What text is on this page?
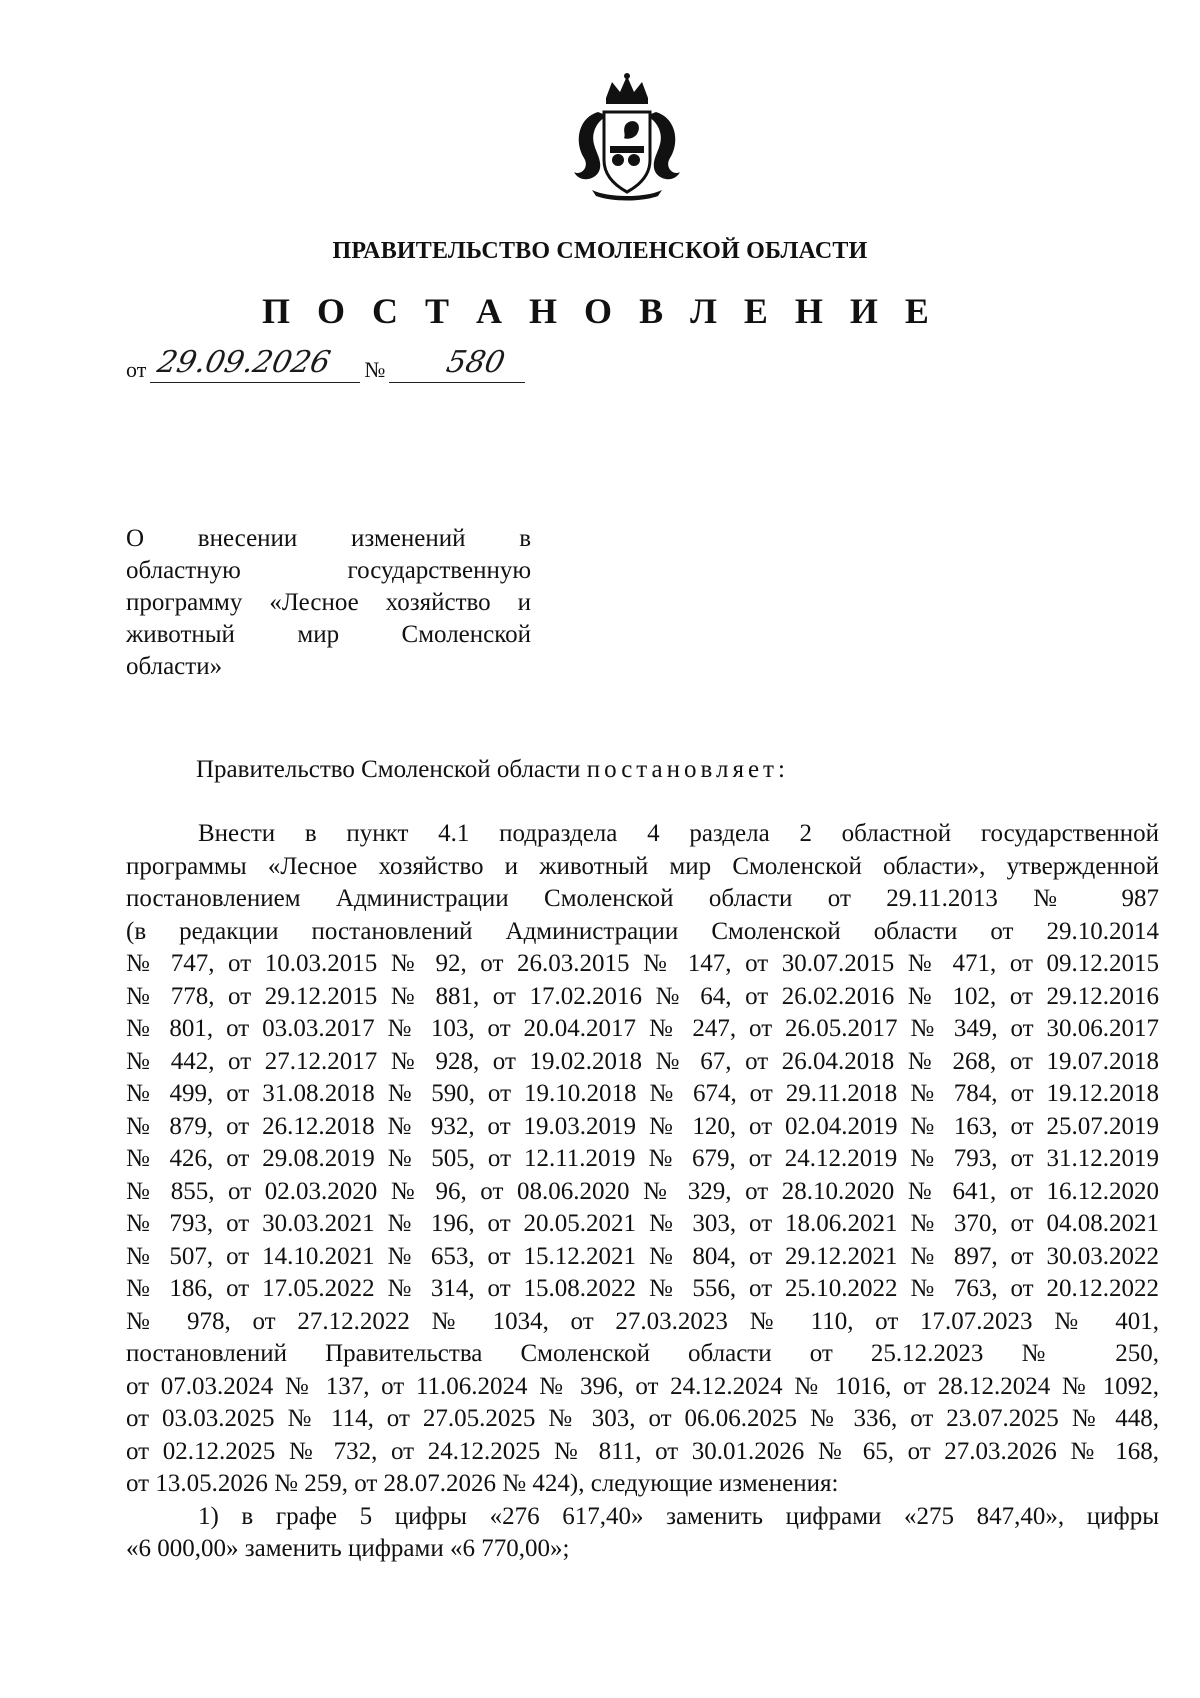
ПРАВИТЕЛЬСТВО СМОЛЕНСКОЙ ОБЛАСТИ
П О С Т А Н О В Л Е Н И Е
от 29.09.2026 № 580
О внесении изменений в
областную государственную
программу «Лесное хозяйство и
животный мир Смоленской
области»
Правительство Смоленской области постановляет:
Внести в пункт 4.1 подраздела 4 раздела 2 областной государственной
программы «Лесное хозяйство и животный мир Смоленской области», утвержденной
постановлением Администрации Смоленской области от 29.11.2013 № 987
(в редакции постановлений Администрации Смоленской области от 29.10.2014
№ 747, от 10.03.2015 № 92, от 26.03.2015 № 147, от 30.07.2015 № 471, от 09.12.2015
№ 778, от 29.12.2015 № 881, от 17.02.2016 № 64, от 26.02.2016 № 102, от 29.12.2016
№ 801, от 03.03.2017 № 103, от 20.04.2017 № 247, от 26.05.2017 № 349, от 30.06.2017
№ 442, от 27.12.2017 № 928, от 19.02.2018 № 67, от 26.04.2018 № 268, от 19.07.2018
№ 499, от 31.08.2018 № 590, от 19.10.2018 № 674, от 29.11.2018 № 784, от 19.12.2018
№ 879, от 26.12.2018 № 932, от 19.03.2019 № 120, от 02.04.2019 № 163, от 25.07.2019
№ 426, от 29.08.2019 № 505, от 12.11.2019 № 679, от 24.12.2019 № 793, от 31.12.2019
№ 855, от 02.03.2020 № 96, от 08.06.2020 № 329, от 28.10.2020 № 641, от 16.12.2020
№ 793, от 30.03.2021 № 196, от 20.05.2021 № 303, от 18.06.2021 № 370, от 04.08.2021
№ 507, от 14.10.2021 № 653, от 15.12.2021 № 804, от 29.12.2021 № 897, от 30.03.2022
№ 186, от 17.05.2022 № 314, от 15.08.2022 № 556, от 25.10.2022 № 763, от 20.12.2022
№ 978, от 27.12.2022 № 1034, от 27.03.2023 № 110, от 17.07.2023 № 401,
постановлений Правительства Смоленской области от 25.12.2023 № 250,
от 07.03.2024 № 137, от 11.06.2024 № 396, от 24.12.2024 № 1016, от 28.12.2024 № 1092,
от 03.03.2025 № 114, от 27.05.2025 № 303, от 06.06.2025 № 336, от 23.07.2025 № 448,
от 02.12.2025 № 732, от 24.12.2025 № 811, от 30.01.2026 № 65, от 27.03.2026 № 168,
от 13.05.2026 № 259, от 28.07.2026 № 424), следующие изменения:
1) в графе 5 цифры «276 617,40» заменить цифрами «275 847,40», цифры
«6 000,00» заменить цифрами «6 770,00»;
